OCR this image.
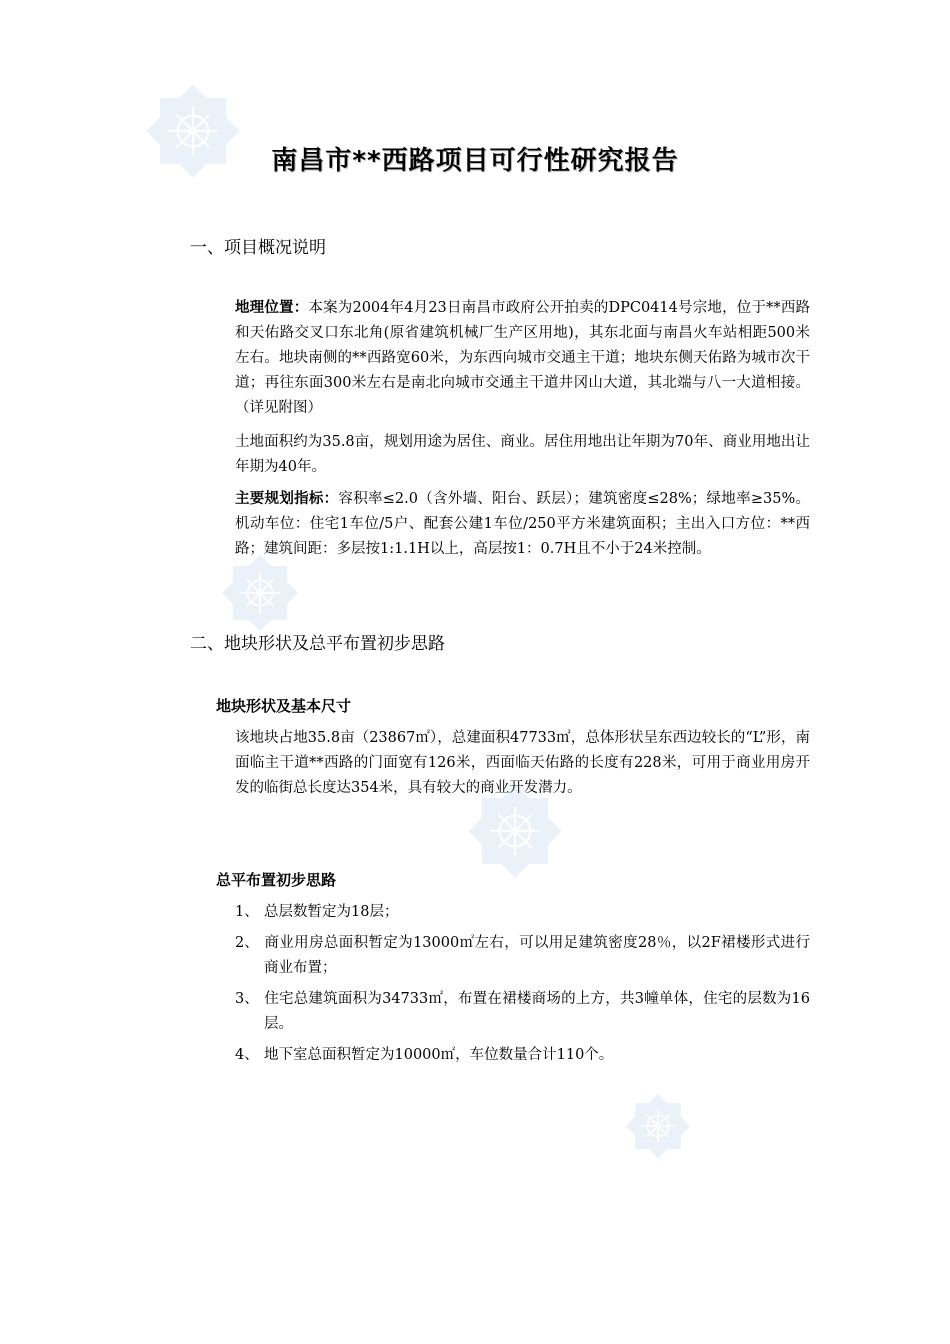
南昌市**西路项目可行性研究报告
一、项目概况说明

地理位置：本案为2004年4月23日南昌市政府公开拍卖的DPC0414号宗地，位于**西路和天佑路交叉口东北角(原省建筑机械厂生产区用地)，其东北面与南昌火车站相距500米左右。地块南侧的**西路宽60米，为东西向城市交通主干道；地块东侧天佑路为城市次干道；再往东面300米左右是南北向城市交通主干道井冈山大道，其北端与八一大道相接。（详见附图）

土地面积约为35.8亩，规划用途为居住、商业。居住用地出让年期为70年、商业用地出让年期为40年。

主要规划指标：容积率≤2.0（含外墙、阳台、跃层）；建筑密度≤28%；绿地率≥35%。机动车位：住宅1车位/5户、配套公建1车位/250平方米建筑面积；主出入口方位：**西路；建筑间距：多层按1:1.1H以上，高层按1：0.7H且不小于24米控制。

二、地块形状及总平布置初步思路
地块形状及基本尺寸

该地块占地35.8亩（23867㎡），总建面积47733㎡，总体形状呈东西边较长的“L”形，南面临主干道**西路的门面宽有126米，西面临天佑路的长度有228米，可用于商业用房开发的临街总长度达354米，具有较大的商业开发潜力。

总平布置初步思路
1、 总层数暂定为18层；
2、 商业用房总面积暂定为13000㎡左右，可以用足建筑密度28％，以2F裙楼形式进行商业布置；
3、 住宅总建筑面积为34733㎡，布置在裙楼商场的上方，共3幢单体，住宅的层数为16层。
4、 地下室总面积暂定为10000㎡，车位数量合计110个。
